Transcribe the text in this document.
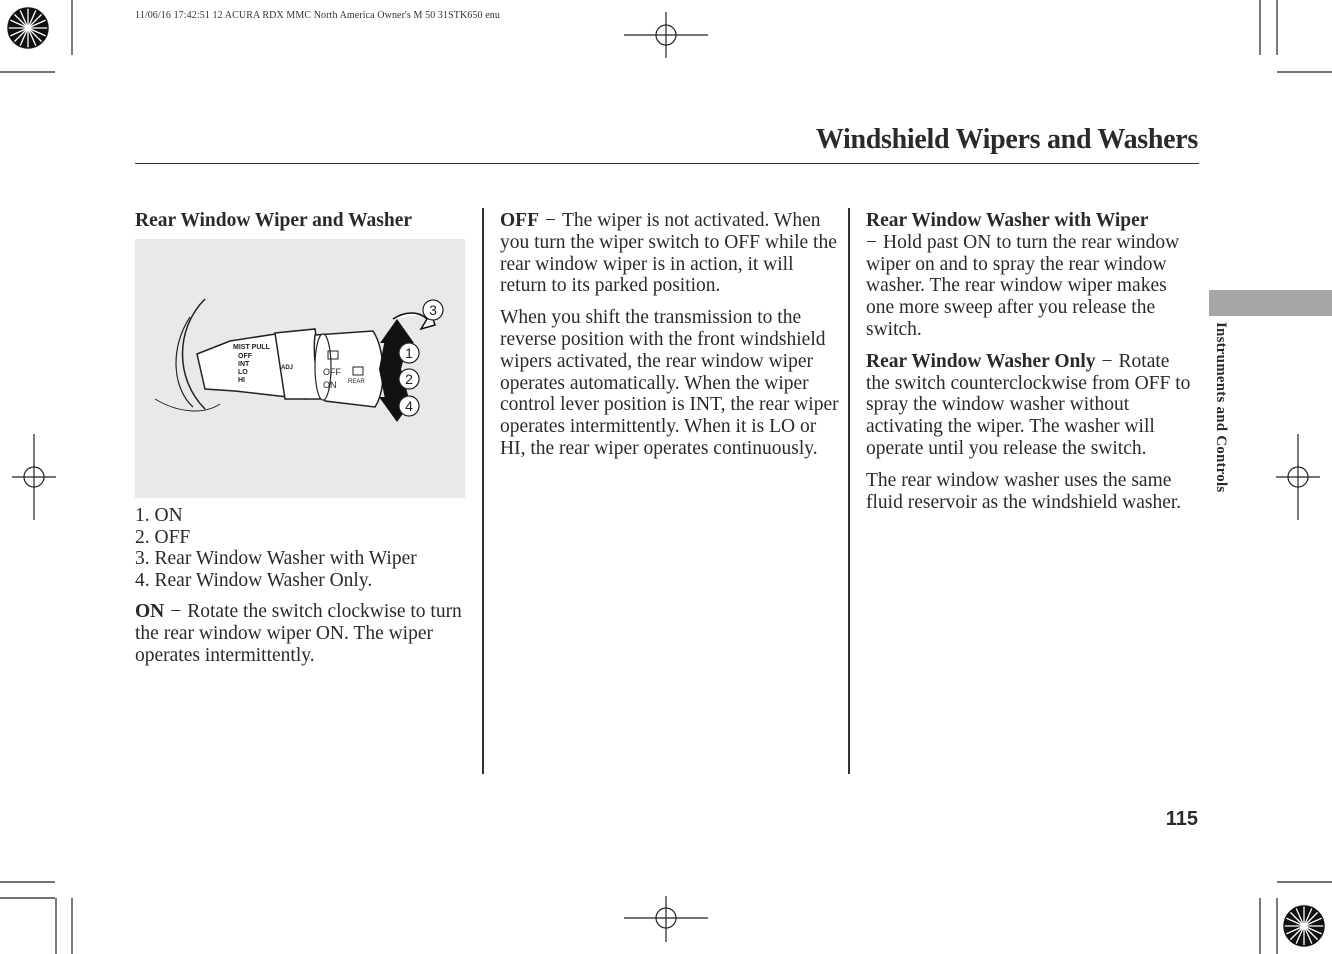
11/06/16 17:42:51 12 ACURA RDX MMC North America Owner's M 50 31STK650 enu
Windshield Wipers and Washers
Rear Window Wiper and Washer
MIST PULL
OFF
INT
LO
HI
ADJ	OFF
ON REAR
3
1
2
4
1. ON
2. OFF
3. Rear Window Washer with Wiper
4. Rear Window Washer Only.

ON − Rotate the switch clockwise to turn the rear window wiper ON. The wiper operates intermittently.

OFF − The wiper is not activated. When you turn the wiper switch to OFF while the rear window wiper is in action, it will return to its parked position.

When you shift the transmission to the reverse position with the front windshield wipers activated, the rear window wiper operates automatically. When the wiper control lever position is INT, the rear wiper operates intermittently. When it is LO or HI, the rear wiper operates continuously.

Rear Window Washer with Wiper
− Hold past ON to turn the rear window wiper on and to spray the rear window washer. The rear window wiper makes one more sweep after you release the switch.

Rear Window Washer Only − Rotate the switch counterclockwise from OFF to spray the window washer without activating the wiper. The washer will operate until you release the switch.

The rear window washer uses the same fluid reservoir as the windshield washer.

Instruments and Controls
115
